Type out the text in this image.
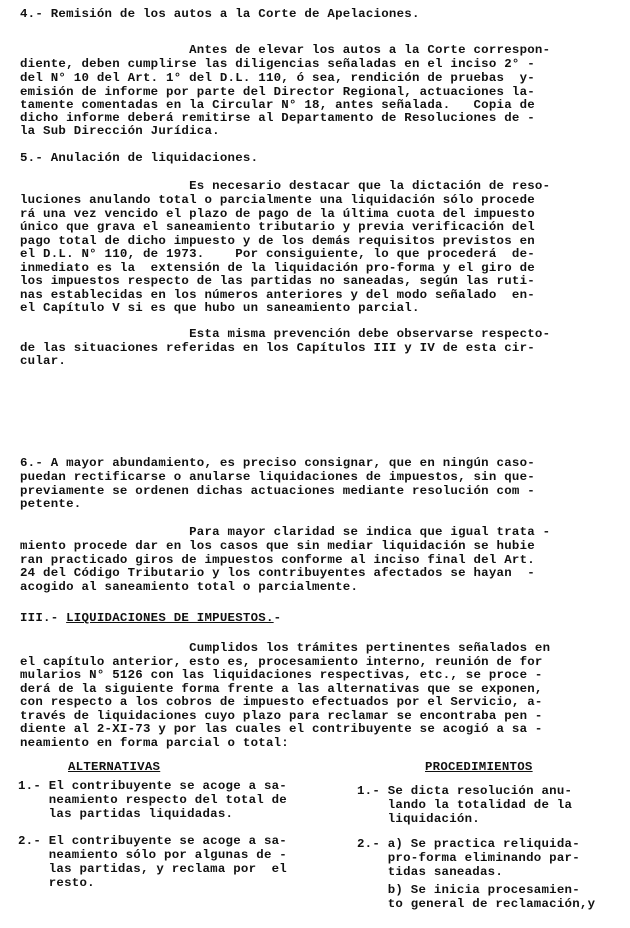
4.- Remisión de los autos a la Corte de Apelaciones.
Antes de elevar los autos a la Corte correspon-
diente, deben cumplirse las diligencias señaladas en el inciso 2° -
del N° 10 del Art. 1° del D.L. 110, ó sea, rendición de pruebas  y-
emisión de informe por parte del Director Regional, actuaciones la-
tamente comentadas en la Circular N° 18, antes señalada.   Copia de
dicho informe deberá remitirse al Departamento de Resoluciones de -
la Sub Dirección Jurídica.
5.- Anulación de liquidaciones.
Es necesario destacar que la dictación de reso-
luciones anulando total o parcialmente una liquidación sólo procede
rá una vez vencido el plazo de pago de la última cuota del impuesto
único que grava el saneamiento tributario y previa verificación del
pago total de dicho impuesto y de los demás requisitos previstos en
el D.L. N° 110, de 1973.    Por consiguiente, lo que procederá  de-
inmediato es la  extensión de la liquidación pro-forma y el giro de
los impuestos respecto de las partidas no saneadas, según las ruti-
nas establecidas en los números anteriores y del modo señalado  en-
el Capítulo V si es que hubo un saneamiento parcial.
Esta misma prevención debe observarse respecto-
de las situaciones referidas en los Capítulos III y IV de esta cir-
cular.
6.- A mayor abundamiento, es preciso consignar, que en ningún caso-
puedan rectificarse o anularse liquidaciones de impuestos, sin que-
previamente se ordenen dichas actuaciones mediante resolución com -
petente.
Para mayor claridad se indica que igual trata -
miento procede dar en los casos que sin mediar liquidación se hubie
ran practicado giros de impuestos conforme al inciso final del Art.
24 del Código Tributario y los contribuyentes afectados se hayan  -
acogido al saneamiento total o parcialmente.
III.- LIQUIDACIONES DE IMPUESTOS.-
Cumplidos los trámites pertinentes señalados en
el capítulo anterior, esto es, procesamiento interno, reunión de for
mularios N° 5126 con las liquidaciones respectivas, etc., se proce -
derá de la siguiente forma frente a las alternativas que se exponen,
con respecto a los cobros de impuesto efectuados por el Servicio, a-
través de liquidaciones cuyo plazo para reclamar se encontraba pen -
diente al 2-XI-73 y por las cuales el contribuyente se acogió a sa -
neamiento en forma parcial o total:
ALTERNATIVAS	PROCEDIMIENTOS
1.- El contribuyente se acoge a sa-
neamiento respecto del total de
las partidas liquidadas.
2.- El contribuyente se acoge a sa-
neamiento sólo por algunas de -
las partidas, y reclama por  el
resto.
1.- Se dicta resolución anu-
lando la totalidad de la
liquidación.
2.- a) Se practica reliquida-
pro-forma eliminando par-
tidas saneadas.
b) Se inicia procesamien-
to general de reclamación,y
